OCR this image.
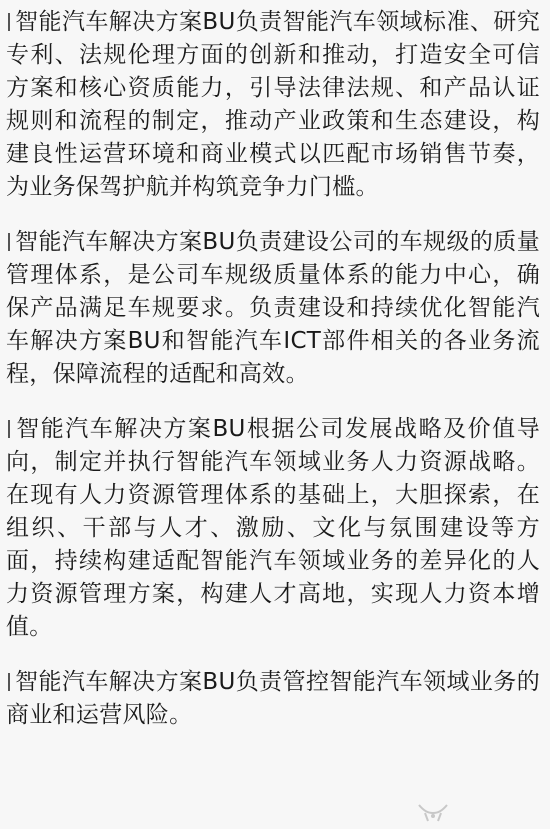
智能汽车解决方案BU负责智能汽车领域标准、研究专利、法规伦理方面的创新和推动，打造安全可信方案和核心资质能力，引导法律法规、和产品认证规则和流程的制定，推动产业政策和生态建设，构建良性运营环境和商业模式以匹配市场销售节奏，为业务保驾护航并构筑竞争力门槛。

智能汽车解决方案BU负责建设公司的车规级的质量管理体系，是公司车规级质量体系的能力中心，确保产品满足车规要求。负责建设和持续优化智能汽车解决方案BU和智能汽车ICT部件相关的各业务流程，保障流程的适配和高效。

智能汽车解决方案BU根据公司发展战略及价值导向，制定并执行智能汽车领域业务人力资源战略。在现有人力资源管理体系的基础上，大胆探索，在组织、干部与人才、激励、文化与氛围建设等方面，持续构建适配智能汽车领域业务的差异化的人力资源管理方案，构建人才高地，实现人力资本增值。

智能汽车解决方案BU负责管控智能汽车领域业务的商业和运营风险。
